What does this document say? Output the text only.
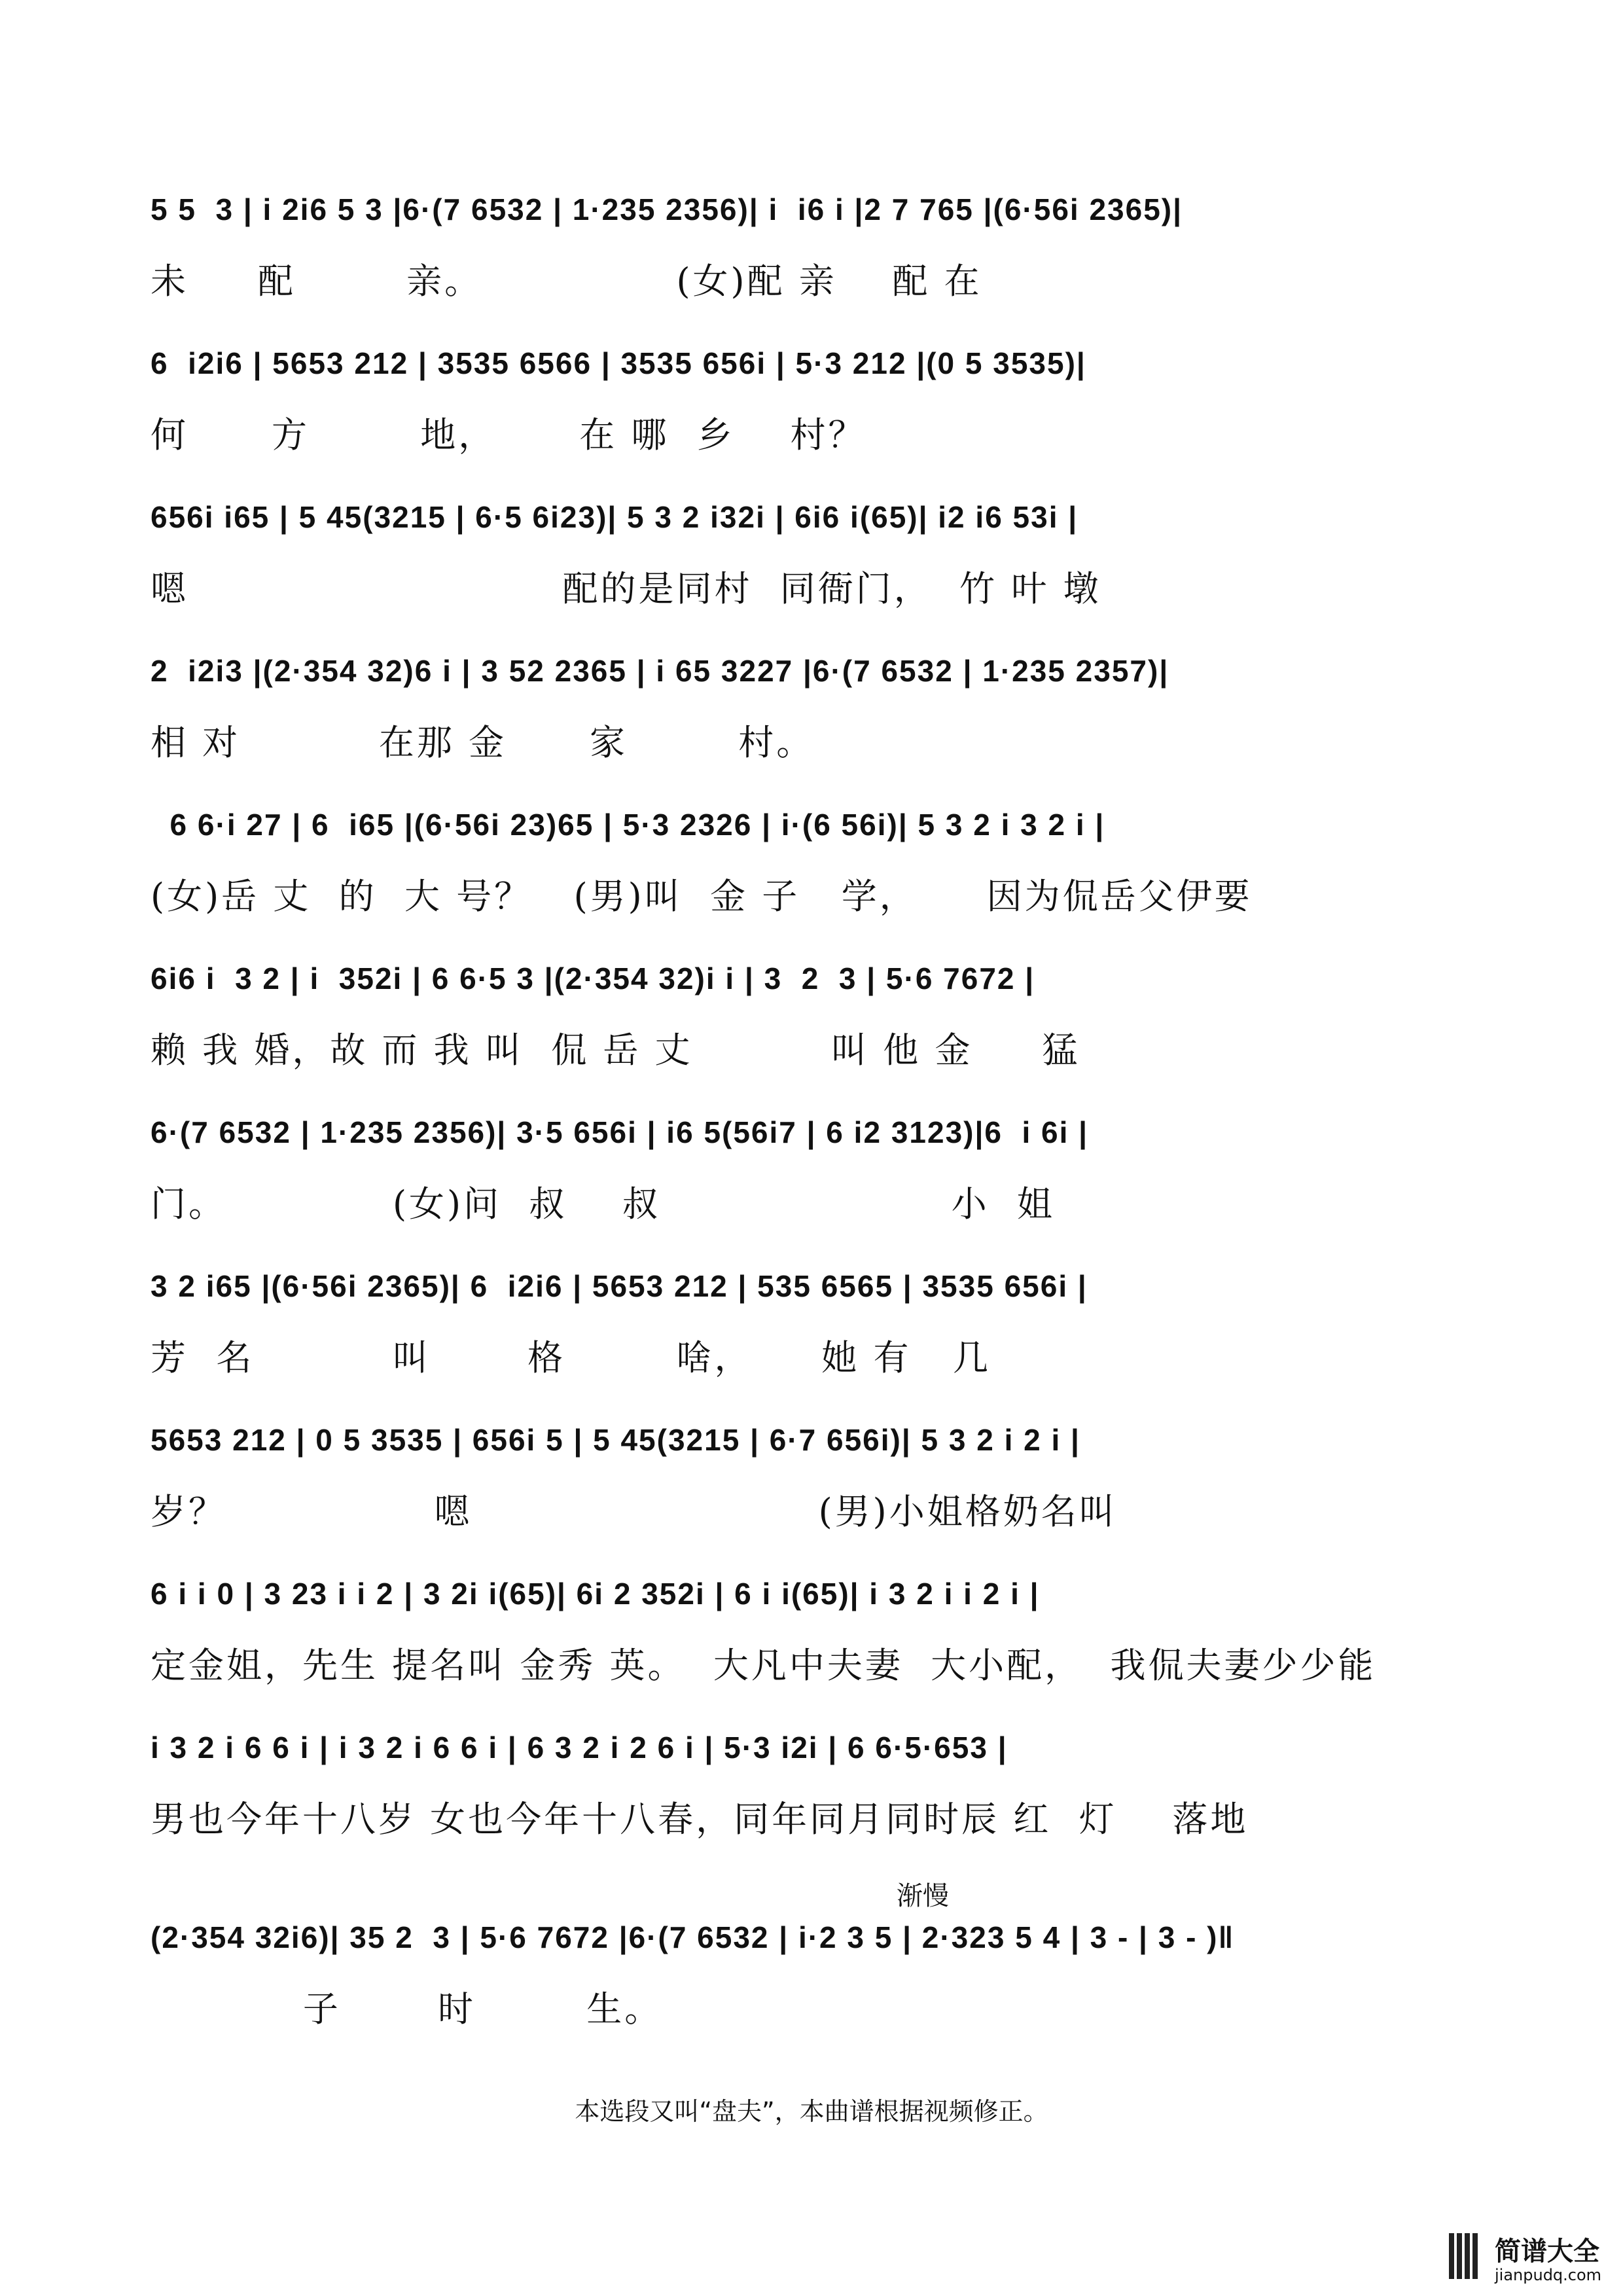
5 5  3 | i 2i6 5 3 |6·(7 6532 | 1·235 2356)| i  i6 i |2 7 765 |(6·56i 2365)|
未     配        亲。              (女)配 亲    配 在
6  i2i6 | 5653 212 | 3535 6566 | 3535 656i | 5·3 212 |(0 5 3535)|
何      方        地，      在 哪  乡    村？
656i i65 | 5 45(3215 | 6·5 6i23)| 5 3 2 i32i | 6i6 i(65)| i2 i6 53i |
嗯                           配的是同村  同衙门，  竹 叶 墩
2  i2i3 |(2·354 32)6 i | 3 52 2365 | i 65 3227 |6·(7 6532 | 1·235 2357)|
相 对          在那 金      家        村。
6 6·i 27 | 6  i65 |(6·56i 23)65 | 5·3 2326 | i·(6 56i)| 5 3 2 i 3 2 i |
(女)岳 丈  的  大 号？   (男)叫  金 子   学，     因为侃岳父伊要
6i6 i  3 2 | i  352i | 6 6·5 3 |(2·354 32)i i | 3  2  3 | 5·6 7672 |
赖 我 婚，故 而 我 叫  侃 岳 丈          叫 他 金     猛
6·(7 6532 | 1·235 2356)| 3·5 656i | i6 5(56i7 | 6 i2 3123)|6  i 6i |
门。            (女)问  叔    叔                     小  姐
3 2 i65 |(6·56i 2365)| 6  i2i6 | 5653 212 | 535 6565 | 3535 656i |
芳  名          叫       格        啥，     她 有   几
5653 212 | 0 5 3535 | 656i 5 | 5 45(3215 | 6·7 656i)| 5 3 2 i 2 i |
岁？               嗯                         (男)小姐格奶名叫
6 i i 0 | 3 23 i i 2 | 3 2i i(65)| 6i 2 352i | 6 i i(65)| i 3 2 i i 2 i |
定金姐，先生 提名叫 金秀 英。  大凡中夫妻  大小配，  我侃夫妻少少能
i 3 2 i 6 6 i | i 3 2 i 6 6 i | 6 3 2 i 2 6 i | 5·3 i2i | 6 6·5·653 |
男也今年十八岁 女也今年十八春，同年同月同时辰 红  灯    落地
(2·354 32i6)| 35 2  3 | 5·6 7672 |6·(7 6532 | i·2 3 5 | 2·323 5 4 | 3 - | 3 - )‖
子       时        生。
渐慢
本选段又叫“盘夫”，本曲谱根据视频修正。
简谱大全
jianpudq.com
